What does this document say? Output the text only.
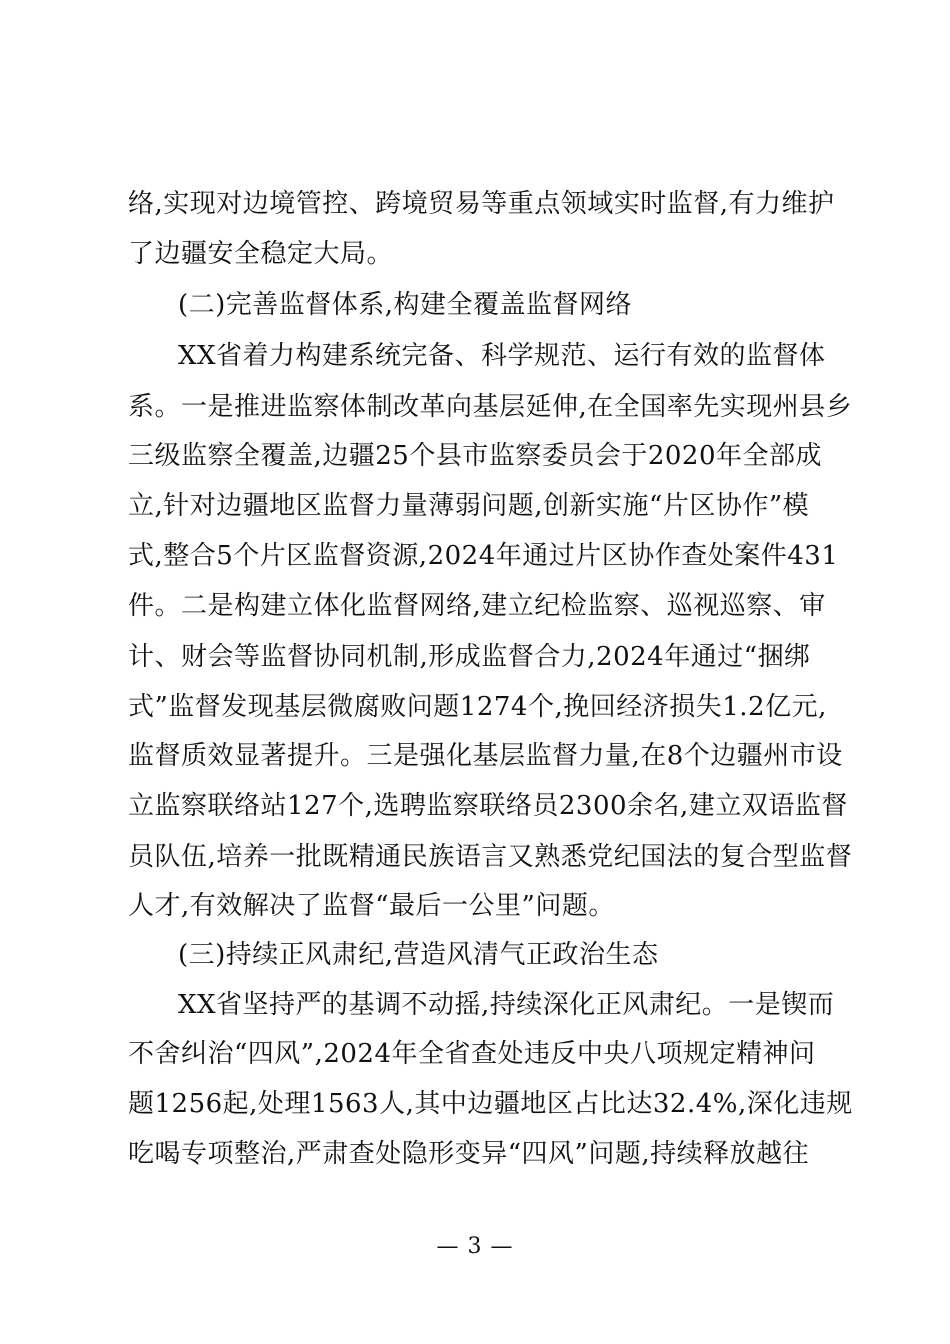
络,实现对边境管控、跨境贸易等重点领域实时监督,有力维护
了边疆安全稳定大局。
(二)完善监督体系,构建全覆盖监督网络
XX省着力构建系统完备、科学规范、运行有效的监督体
系。一是推进监察体制改革向基层延伸,在全国率先实现州县乡
三级监察全覆盖,边疆25个县市监察委员会于2020年全部成
立,针对边疆地区监督力量薄弱问题,创新实施“片区协作”模
式,整合5个片区监督资源,2024年通过片区协作查处案件431
件。二是构建立体化监督网络,建立纪检监察、巡视巡察、审
计、财会等监督协同机制,形成监督合力,2024年通过“捆绑
式”监督发现基层微腐败问题1274个,挽回经济损失1.2亿元,
监督质效显著提升。三是强化基层监督力量,在8个边疆州市设
立监察联络站127个,选聘监察联络员2300余名,建立双语监督
员队伍,培养一批既精通民族语言又熟悉党纪国法的复合型监督
人才,有效解决了监督“最后一公里”问题。
(三)持续正风肃纪,营造风清气正政治生态
XX省坚持严的基调不动摇,持续深化正风肃纪。一是锲而
不舍纠治“四风”,2024年全省查处违反中央八项规定精神问
题1256起,处理1563人,其中边疆地区占比达32.4%,深化违规
吃喝专项整治,严肃查处隐形变异“四风”问题,持续释放越往
— 3 —
